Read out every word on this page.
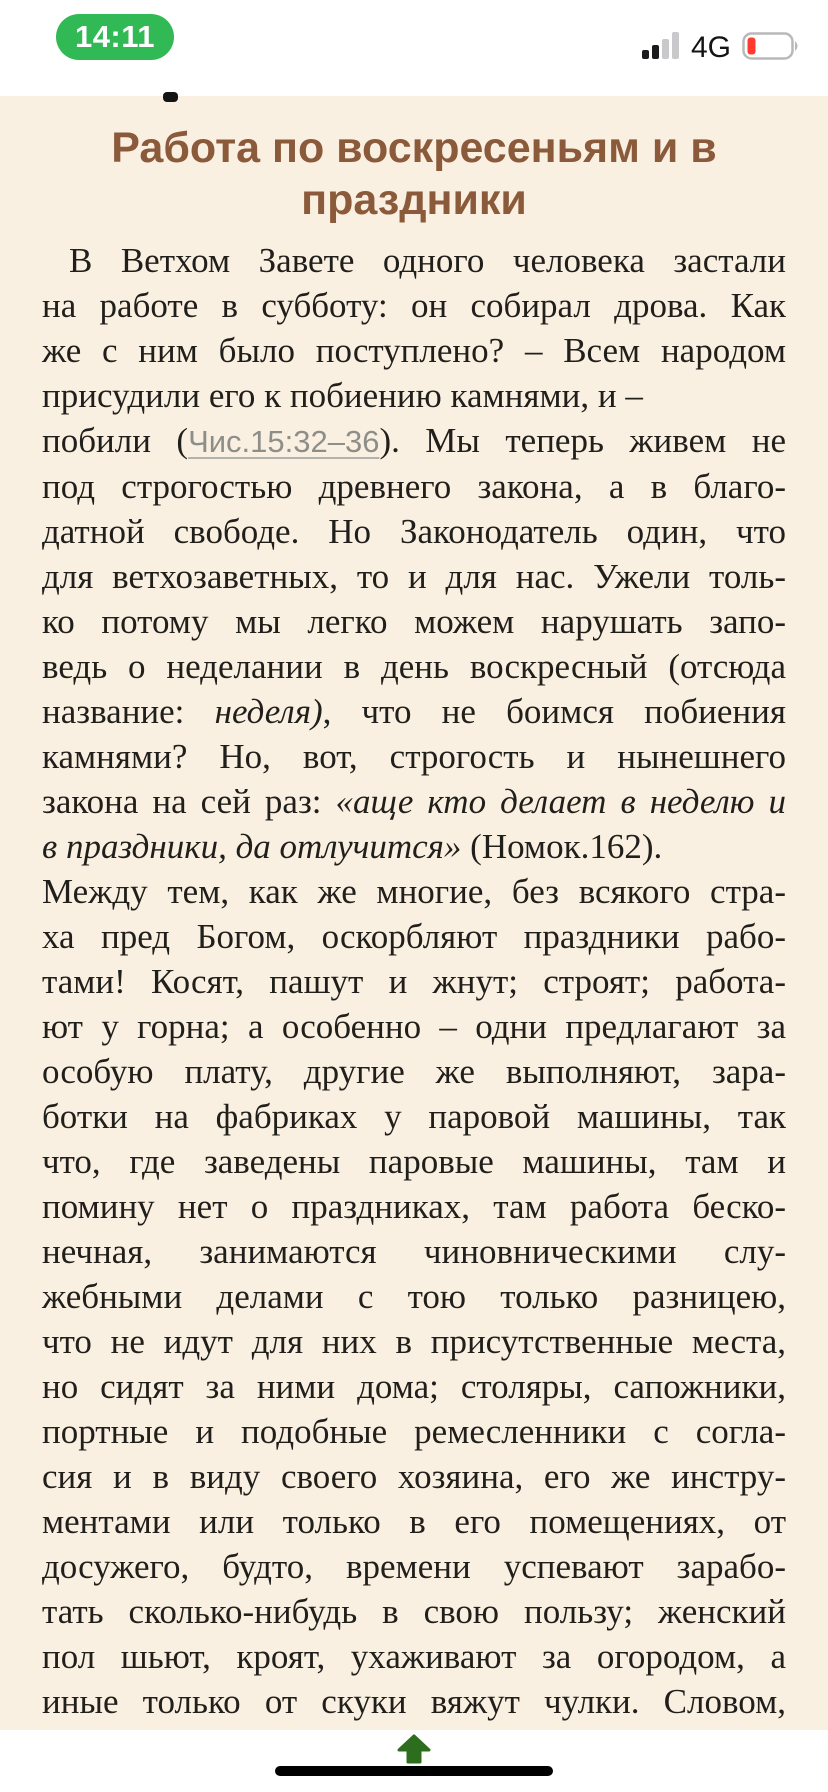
14:11	4G
Работа по воскресеньям и в праздники
В Ветхом Завете одного человека застали
на работе в субботу: он собирал дрова. Как
же с ним было поступлено? – Всем народом
присудили его к побиению камнями, и –
побили (Чис.15:32–36). Мы теперь живем не
под строгостью древнего закона, а в благо-
датной свободе. Но Законодатель один, что
для ветхозаветных, то и для нас. Ужели толь-
ко потому мы легко можем нарушать запо-
ведь о неделании в день воскресный (отсюда
название: неделя), что не боимся побиения
камнями? Но, вот, строгость и нынешнего
закона на сей раз: «аще кто делает в неделю и
в праздники, да отлучится» (Номок.162).
Между тем, как же многие, без всякого стра-
ха пред Богом, оскорбляют праздники рабо-
тами! Косят, пашут и жнут; строят; работа-
ют у горна; а особенно – одни предлагают за
особую плату, другие же выполняют, зара-
ботки на фабриках у паровой машины, так
что, где заведены паровые машины, там и
помину нет о праздниках, там работа беско-
нечная, занимаются чиновническими слу-
жебными делами с тою только разницею,
что не идут для них в присутственные места,
но сидят за ними дома; столяры, сапожники,
портные и подобные ремесленники с согла-
сия и в виду своего хозяина, его же инстру-
ментами или только в его помещениях, от
досужего, будто, времени успевают зарабо-
тать сколько-нибудь в свою пользу; женский
пол шьют, кроят, ухаживают за огородом, а
иные только от скуки вяжут чулки. Словом,
